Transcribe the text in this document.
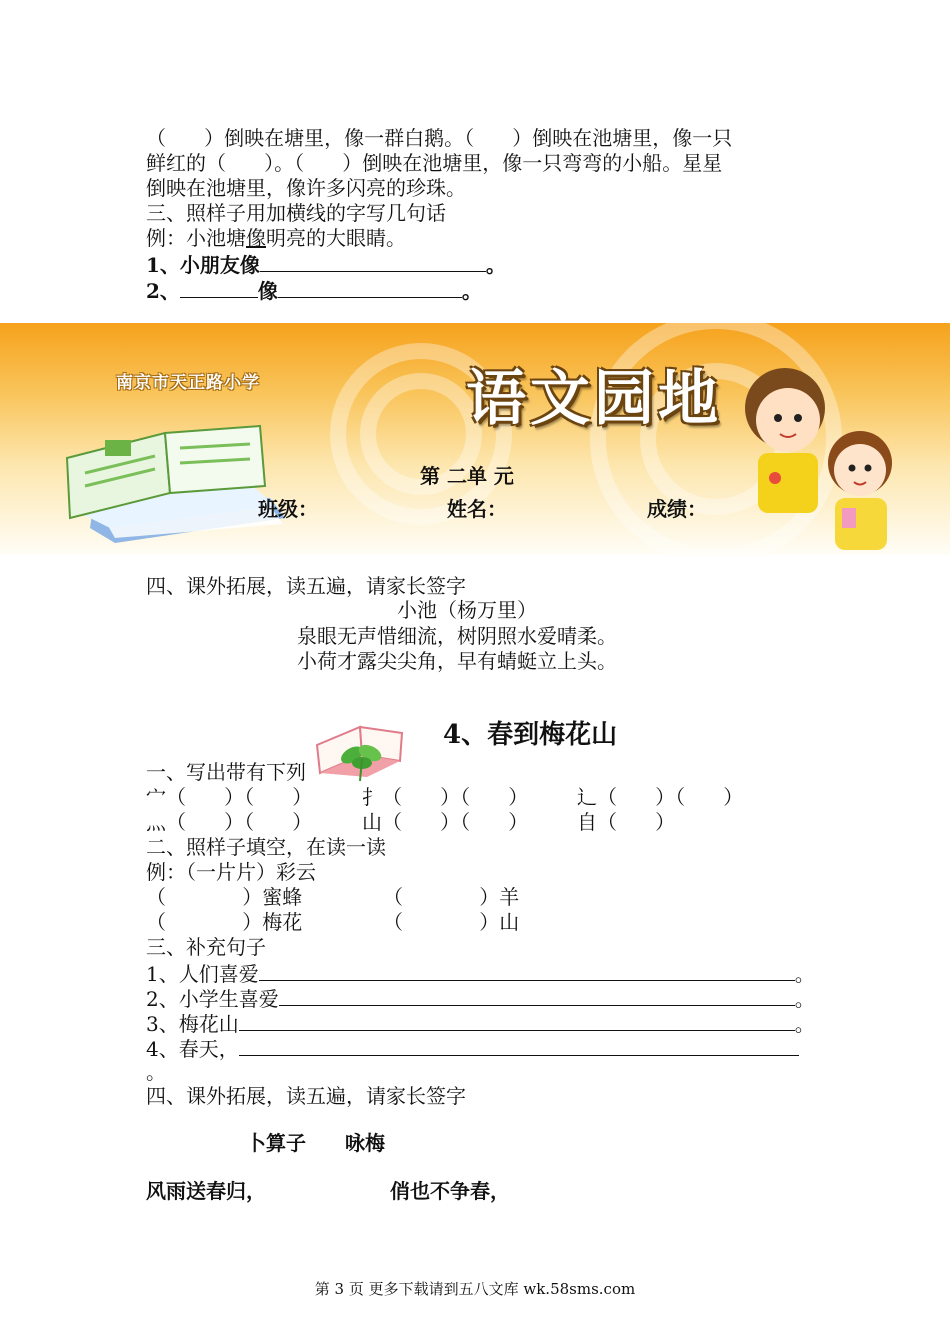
（      ）倒映在塘里，像一群白鹅。（      ）倒映在池塘里，像一只
鲜红的（      ）。（      ）倒映在池塘里，像一只弯弯的小船。星星
倒映在池塘里，像许多闪亮的珍珠。
三、照样子用加横线的字写几句话
例：小池塘像明亮的大眼睛。
1、小朋友像	。
2、	像	。
南京市天正路小学	语文园地
第 二单 元
班级：	姓名：	成绩：
四、课外拓展，读五遍，请家长签字
小池（杨万里）
泉眼无声惜细流，树阴照水爱晴柔。
小荷才露尖尖角，早有蜻蜓立上头。
4、春到梅花山
一、写出带有下列
宀（      ）（      ） 扌（      ）（      ） 辶（      ）（      ）
灬（      ）（      ） 山（      ）（      ） 自（      ）
二、照样子填空，在读一读
例：（一片片）彩云
（            ）蜜蜂	（            ）羊
（            ）梅花	（            ）山
三、补充句子
1、人们喜爱	。
2、小学生喜爱	。
3、梅花山	。
4、春天，
。
四、课外拓展，读五遍，请家长签字
卜算子 咏梅
风雨送春归，	俏也不争春，
第 3 页 更多下载请到五八文库 wk.58sms.com
